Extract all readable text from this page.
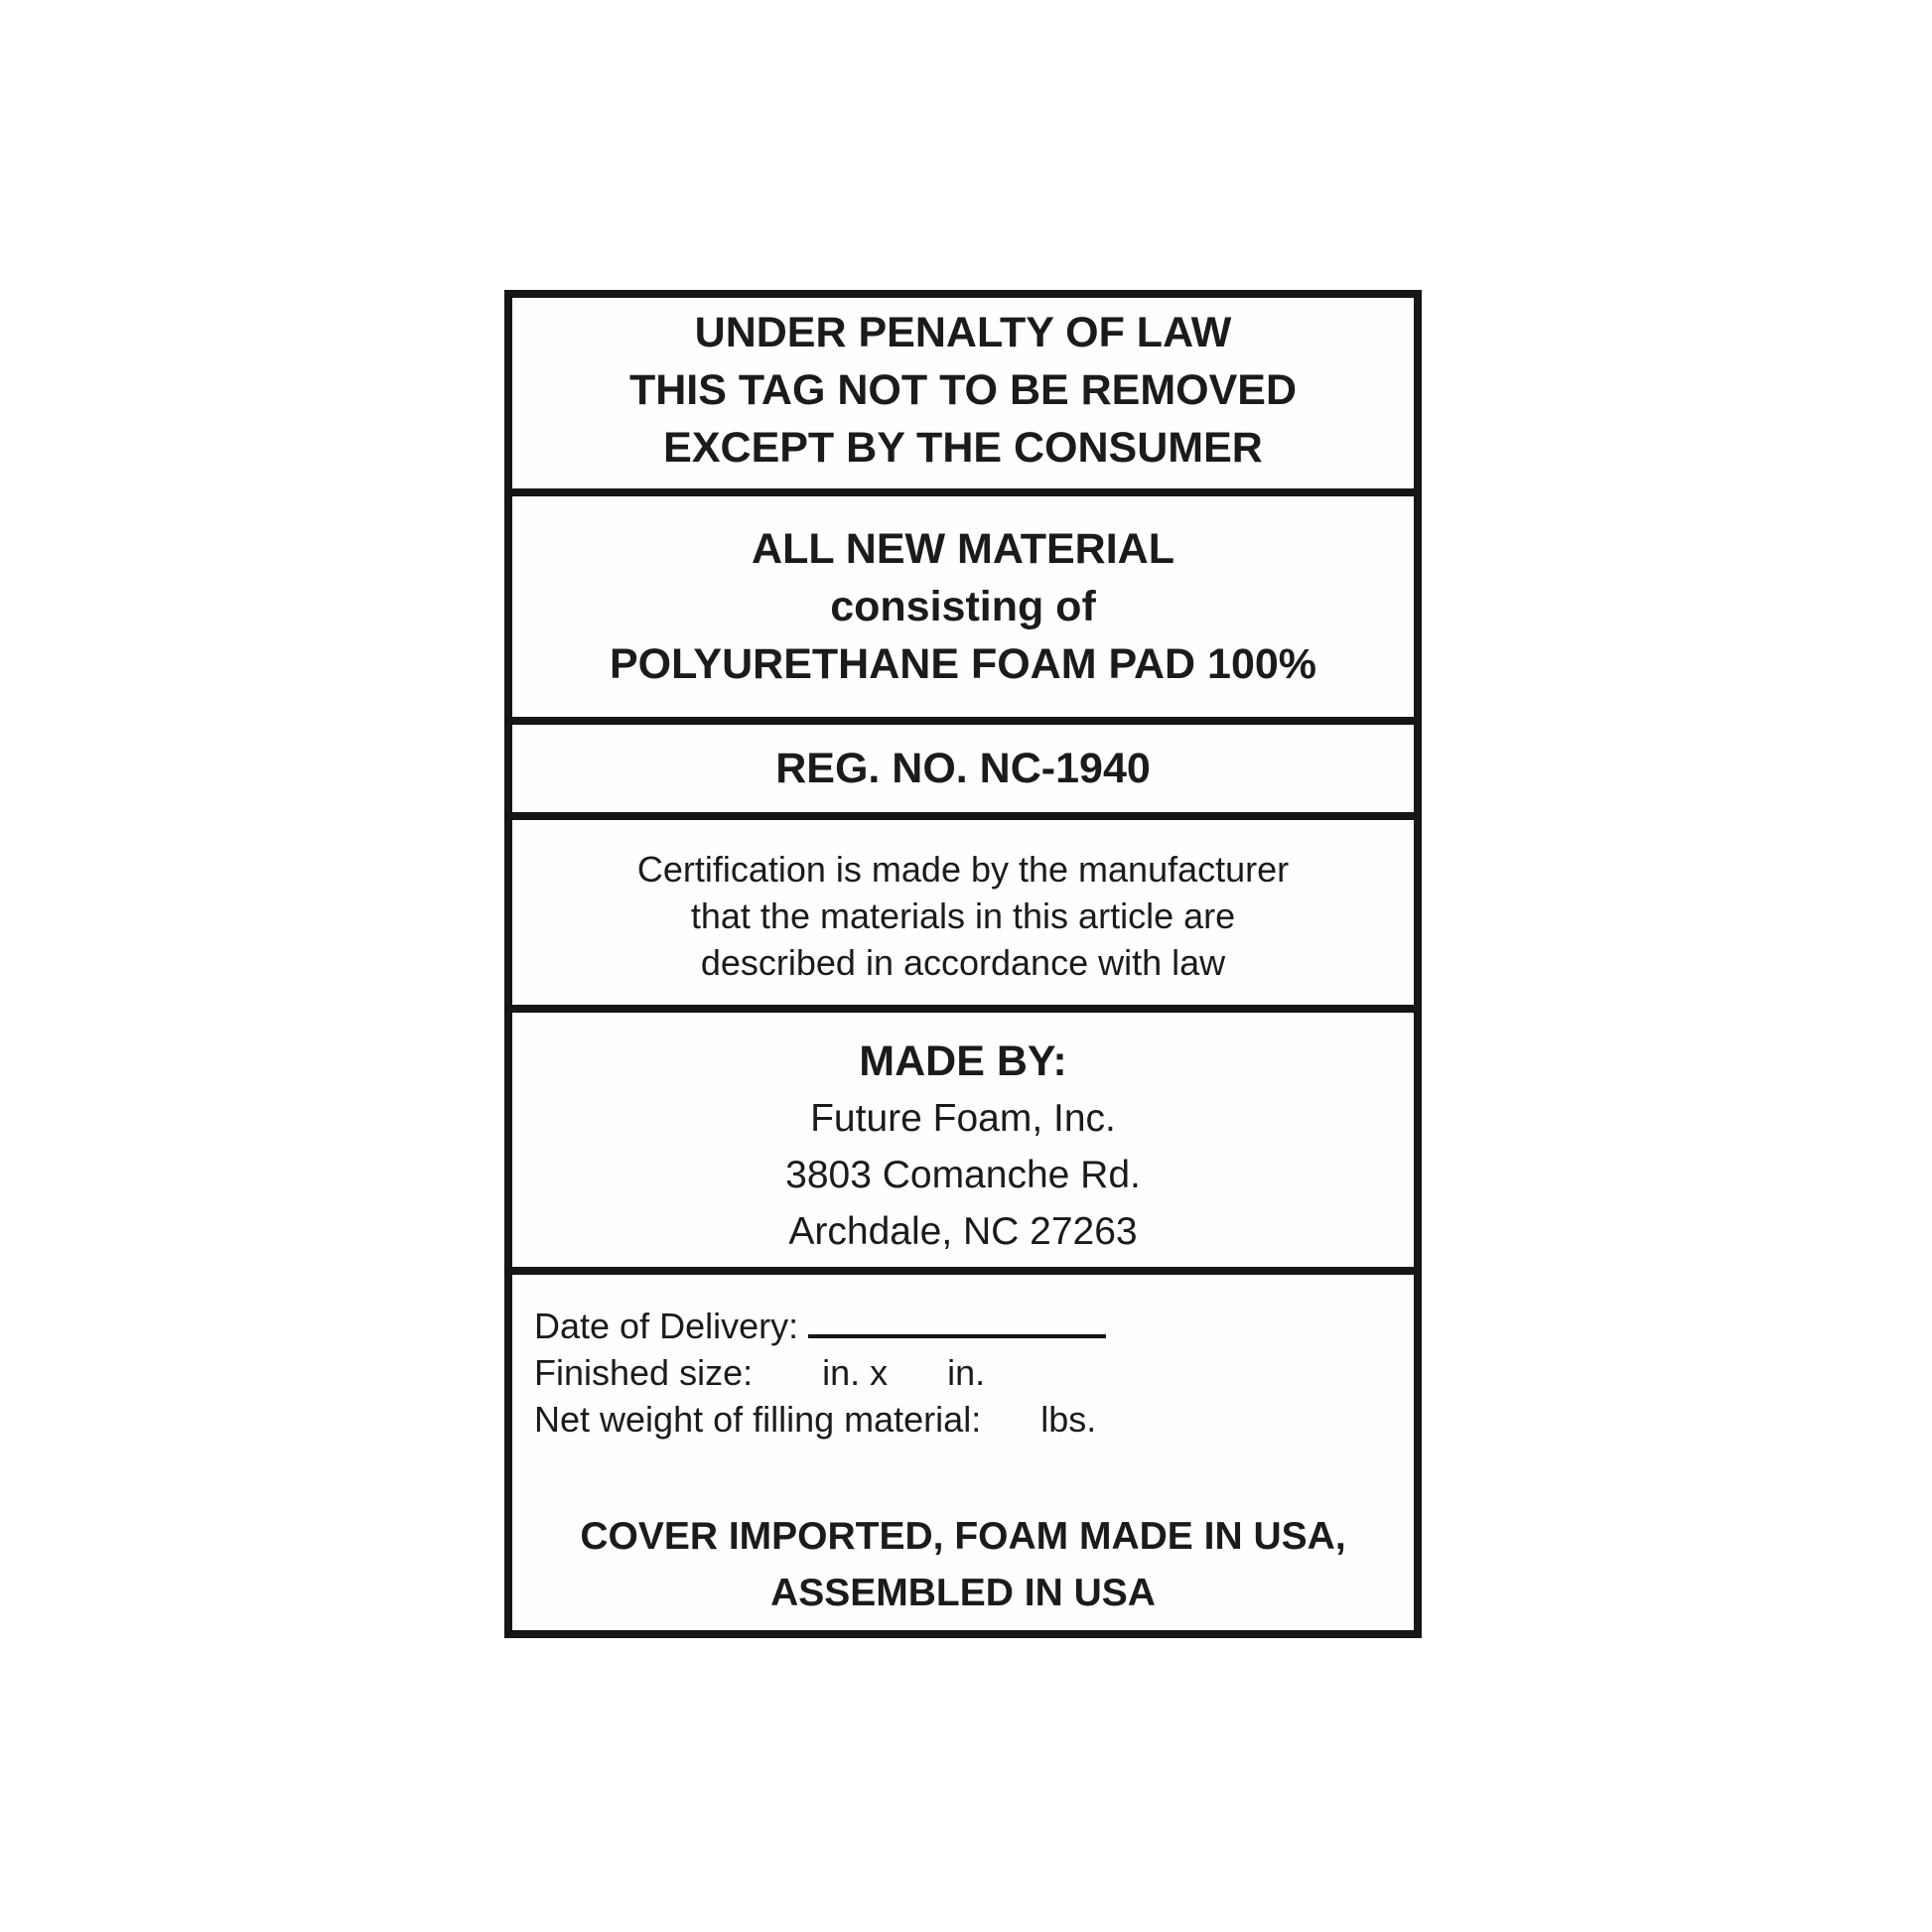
UNDER PENALTY OF LAW
THIS TAG NOT TO BE REMOVED
EXCEPT BY THE CONSUMER
ALL NEW MATERIAL
consisting of
POLYURETHANE FOAM PAD 100%
REG. NO. NC-1940
Certification is made by the manufacturer
that the materials in this article are
described in accordance with law
MADE BY:
Future Foam, Inc.
3803 Comanche Rd.
Archdale, NC 27263
Date of Delivery:
Finished size:       in. x      in.
Net weight of filling material:      lbs.
COVER IMPORTED, FOAM MADE IN USA,
ASSEMBLED IN USA
